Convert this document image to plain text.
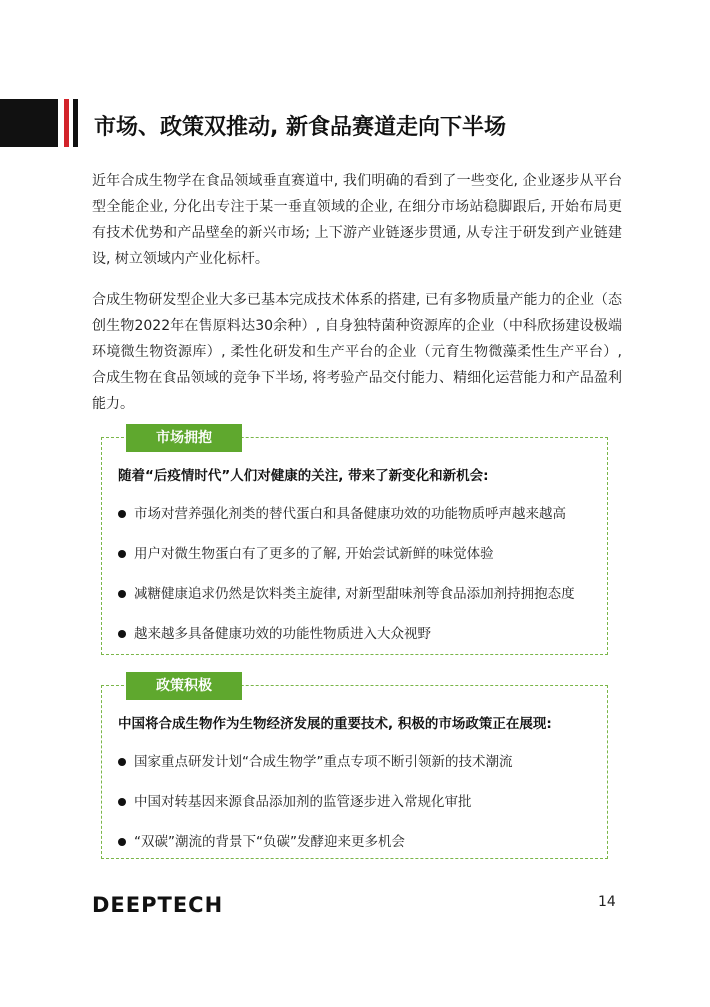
市场、政策双推动, 新食品赛道走向下半场

近年合成生物学在食品领域垂直赛道中, 我们明确的看到了一些变化, 企业逐步从平台型全能企业, 分化出专注于某一垂直领域的企业, 在细分市场站稳脚跟后, 开始布局更有技术优势和产品壁垒的新兴市场; 上下游产业链逐步贯通, 从专注于研发到产业链建设, 树立领域内产业化标杆。

合成生物研发型企业大多已基本完成技术体系的搭建, 已有多物质量产能力的企业（态创生物2022年在售原料达30余种）, 自身独特菌种资源库的企业（中科欣扬建设极端环境微生物资源库）, 柔性化研发和生产平台的企业（元育生物微藻柔性生产平台）, 合成生物在食品领域的竞争下半场, 将考验产品交付能力、精细化运营能力和产品盈利能力。

市场拥抱
随着“后疫情时代”人们对健康的关注, 带来了新变化和新机会:
市场对营养强化剂类的替代蛋白和具备健康功效的功能物质呼声越来越高
用户对微生物蛋白有了更多的了解, 开始尝试新鲜的味觉体验
减糖健康追求仍然是饮料类主旋律, 对新型甜味剂等食品添加剂持拥抱态度
越来越多具备健康功效的功能性物质进入大众视野
政策积极
中国将合成生物作为生物经济发展的重要技术, 积极的市场政策正在展现:
国家重点研发计划“合成生物学”重点专项不断引领新的技术潮流
中国对转基因来源食品添加剂的监管逐步进入常规化审批
“双碳”潮流的背景下“负碳”发酵迎来更多机会
DEEPTECH	14
